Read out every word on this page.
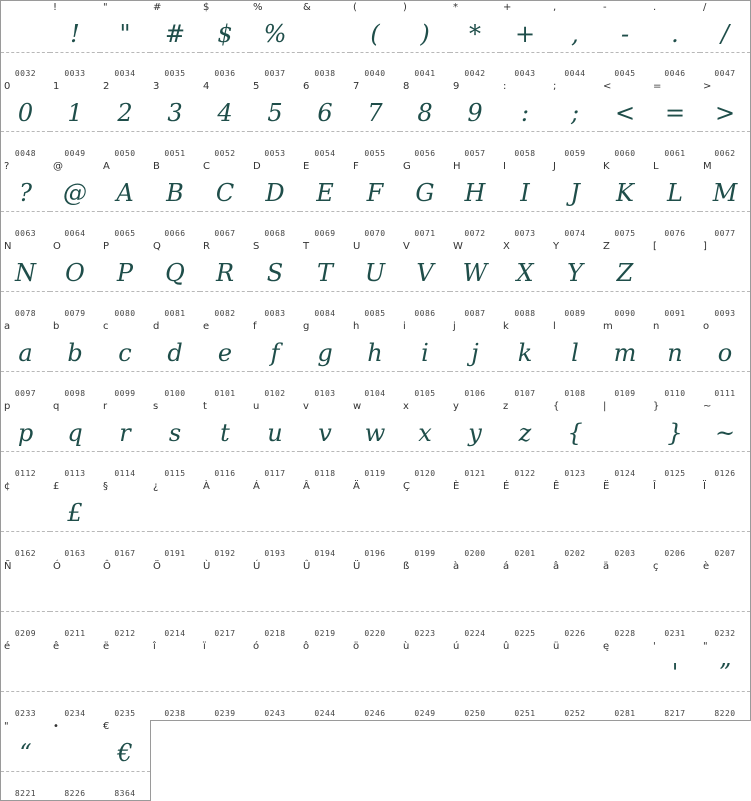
0032
!
!
0033
"
"
0034
#
#
0035
$
$
0036
%
%
0037
&
0038
(
(
0040
)
)
0041
*
*
0042
+
+
0043
,
,
0044
-
-
0045
.
.
0046
/
/
0047
0
0
0048
1
1
0049
2
2
0050
3
3
0051
4
4
0052
5
5
0053
6
6
0054
7
7
0055
8
8
0056
9
9
0057
:
:
0058
;
;
0059
<
<
0060
=
=
0061
>
>
0062
?
?
0063
@
@
0064
A
A
0065
B
B
0066
C
C
0067
D
D
0068
E
E
0069
F
F
0070
G
G
0071
H
H
0072
I
I
0073
J
J
0074
K
K
0075
L
L
0076
M
M
0077
N
N
0078
O
O
0079
P
P
0080
Q
Q
0081
R
R
0082
S
S
0083
T
T
0084
U
U
0085
V
V
0086
W
W
0087
X
X
0088
Y
Y
0089
Z
Z
0090
[
0091
]
0093
a
a
0097
b
b
0098
c
c
0099
d
d
0100
e
e
0101
f
f
0102
g
g
0103
h
h
0104
i
i
0105
j
j
0106
k
k
0107
l
l
0108
m
m
0109
n
n
0110
o
o
0111
p
p
0112
q
q
0113
r
r
0114
s
s
0115
t
t
0116
u
u
0117
v
v
0118
w
w
0119
x
x
0120
y
y
0121
z
z
0122
{
{
0123
|
0124
}
}
0125
~
~
0126
¢
0162
£
£
0163
§
0167
¿
0191
À
0192
Á
0193
Â
0194
Ä
0196
Ç
0199
È
0200
É
0201
Ê
0202
Ë
0203
Î
0206
Ï
0207
Ñ
0209
Ó
0211
Ô
0212
Ö
0214
Ù
0217
Ú
0218
Û
0219
Ü
0220
ß
0223
à
0224
á
0225
â
0226
ä
0228
ç
0231
è
0232
é
0233
ê
0234
ë
0235
î
0238
ï
0239
ó
0243
ô
0244
ö
0246
ù
0249
ú
0250
û
0251
ü
0252
ę
0281
'
'
8217
"
”
8220
"
“
8221
•
8226
€
€
8364
